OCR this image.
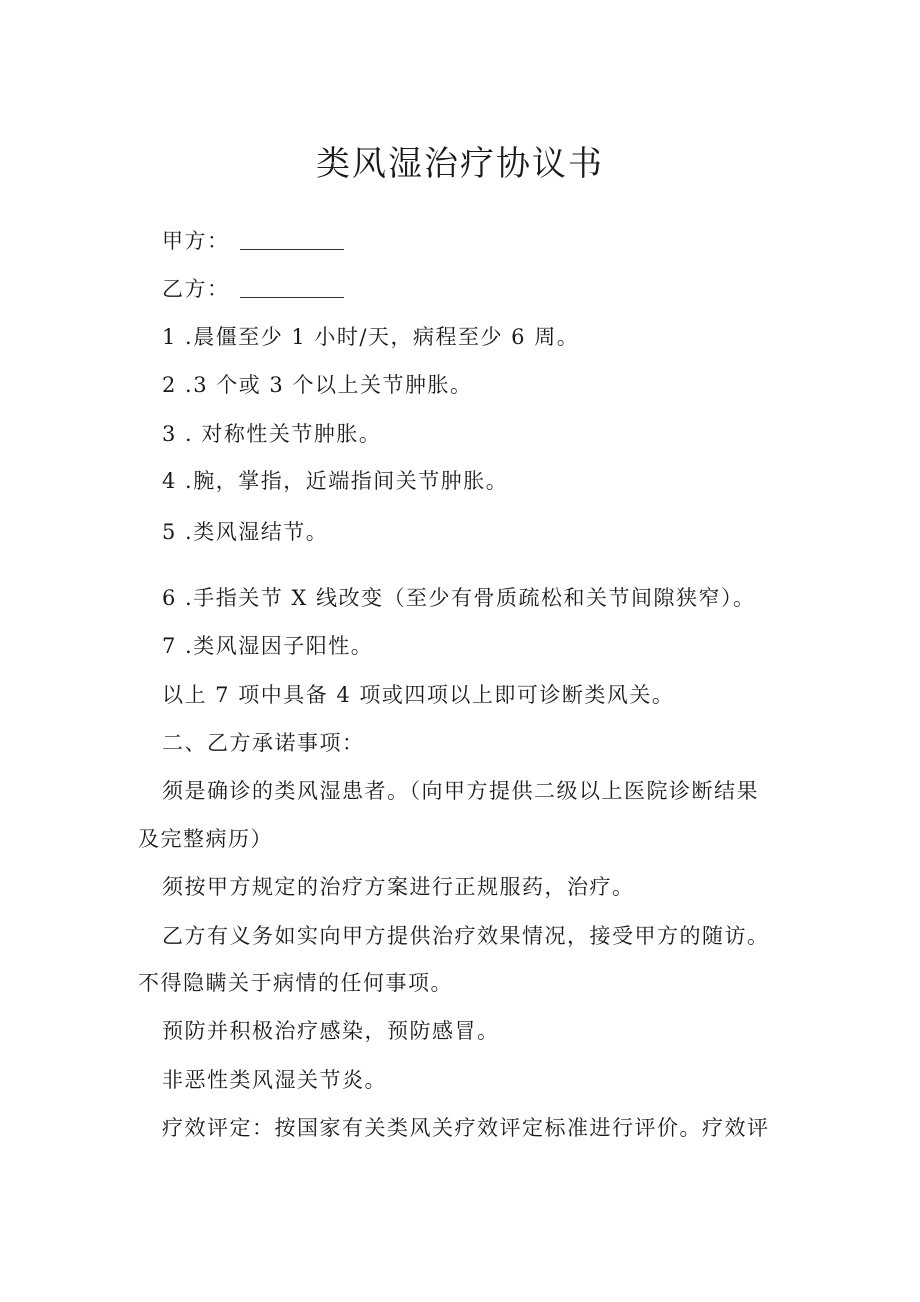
类风湿治疗协议书
甲方：
乙方：
1 .晨僵至少 1 小时/天，病程至少 6 周。
2 .3 个或 3 个以上关节肿胀。
3 . 对称性关节肿胀。
4 .腕，掌指，近端指间关节肿胀。
5 .类风湿结节。
6 .手指关节 X 线改变（至少有骨质疏松和关节间隙狭窄）。
7 .类风湿因子阳性。
以上 7 项中具备 4 项或四项以上即可诊断类风关。
二、乙方承诺事项：
须是确诊的类风湿患者。（向甲方提供二级以上医院诊断结果
及完整病历）
须按甲方规定的治疗方案进行正规服药，治疗。
乙方有义务如实向甲方提供治疗效果情况，接受甲方的随访。
不得隐瞒关于病情的任何事项。
预防并积极治疗感染，预防感冒。
非恶性类风湿关节炎。
疗效评定：按国家有关类风关疗效评定标准进行评价。疗效评
